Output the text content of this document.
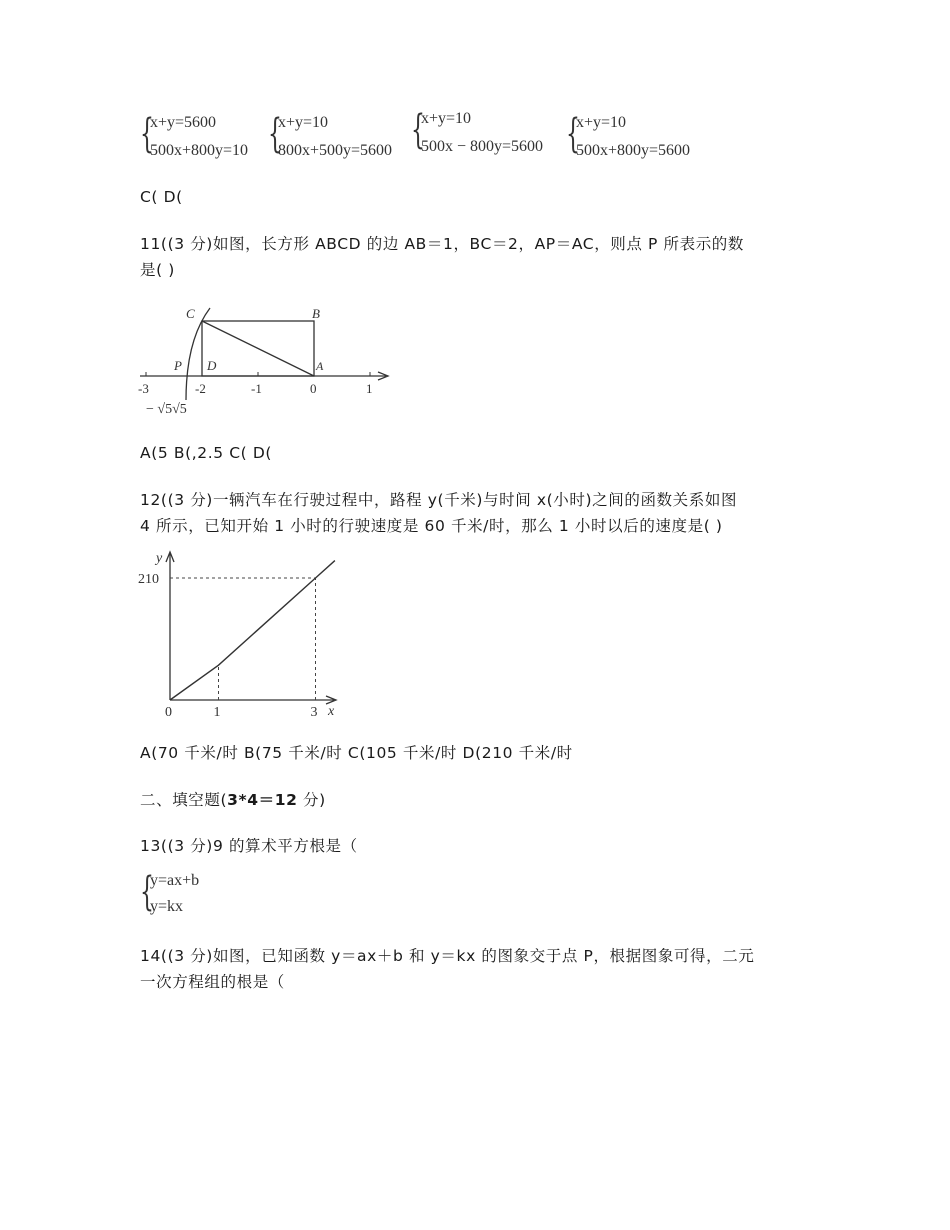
{
x+y=5600
500x+800y=10 {
x+y=10
800x+500y=5600 {
x+y=10
500x − 800y=5600 {
x+y=10
500x+800y=5600
C( D(
11((3 分)如图，长方形 ABCD 的边 AB＝1，BC＝2，AP＝AC，则点 P 所表示的数
是( )
C	B
P D	A
-3	-2	-1	0	1
− √5√5
A(5 B(,2.5 C( D(
12((3 分)一辆汽车在行驶过程中，路程 y(千米)与时间 x(小时)之间的函数关系如图
4 所示，已知开始 1 小时的行驶速度是 60 千米/时，那么 1 小时以后的速度是( )
x
y
0	1	3
210
A(70 千米/时 B(75 千米/时 C(105 千米/时 D(210 千米/时
二、填空题(3*4＝12 分)
13((3 分)9 的算术平方根是（
{
y=ax+b
y=kx
14((3 分)如图，已知函数 y＝ax＋b 和 y＝kx 的图象交于点 P，根据图象可得，二元
一次方程组的根是（
